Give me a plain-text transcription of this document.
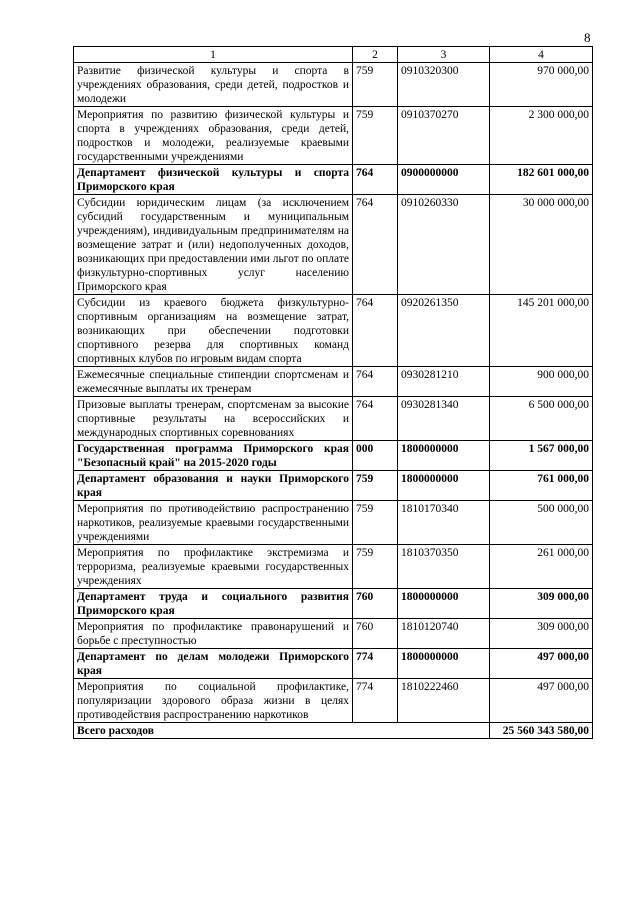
8
1	2	3	4
Развитие физической культуры и спорта в учреждениях образования, среди детей, подростков и молодежи	759	0910320300	970 000,00
Мероприятия по развитию физической культуры и спорта в учреждениях образования, среди детей, подростков и молодежи, реализуемые краевыми государственными учреждениями	759	0910370270	2 300 000,00
Департамент физической культуры и спорта Приморского края	764	0900000000	182 601 000,00
Субсидии юридическим лицам (за исключением субсидий государственным и муниципальным учреждениям), индивидуальным предпринимателям на возмещение затрат и (или) недополученных доходов, возникающих при предоставлении ими льгот по оплате физкультурно-спортивных услуг населению Приморского края	764	0910260330	30 000 000,00
Субсидии из краевого бюджета физкультурно-спортивным организациям на возмещение затрат, возникающих при обеспечении подготовки спортивного резерва для спортивных команд спортивных клубов по игровым видам спорта	764	0920261350	145 201 000,00
Ежемесячные специальные стипендии спортсменам и ежемесячные выплаты их тренерам	764	0930281210	900 000,00
Призовые выплаты тренерам, спортсменам за высокие спортивные результаты на всероссийских и международных спортивных соревнованиях	764	0930281340	6 500 000,00
Государственная программа Приморского края "Безопасный край" на 2015-2020 годы	000	1800000000	1 567 000,00
Департамент образования и науки Приморского края	759	1800000000	761 000,00
Мероприятия по противодействию распространению наркотиков, реализуемые краевыми государственными учреждениями	759	1810170340	500 000,00
Мероприятия по профилактике экстремизма и терроризма, реализуемые краевыми государственных учреждениях	759	1810370350	261 000,00
Департамент труда и социального развития Приморского края	760	1800000000	309 000,00
Мероприятия по профилактике правонарушений и борьбе с преступностью	760	1810120740	309 000,00
Департамент по делам молодежи Приморского края	774	1800000000	497 000,00
Мероприятия по социальной профилактике, популяризации здорового образа жизни в целях противодействия распространению наркотиков	774	1810222460	497 000,00
Всего расходов			25 560 343 580,00
